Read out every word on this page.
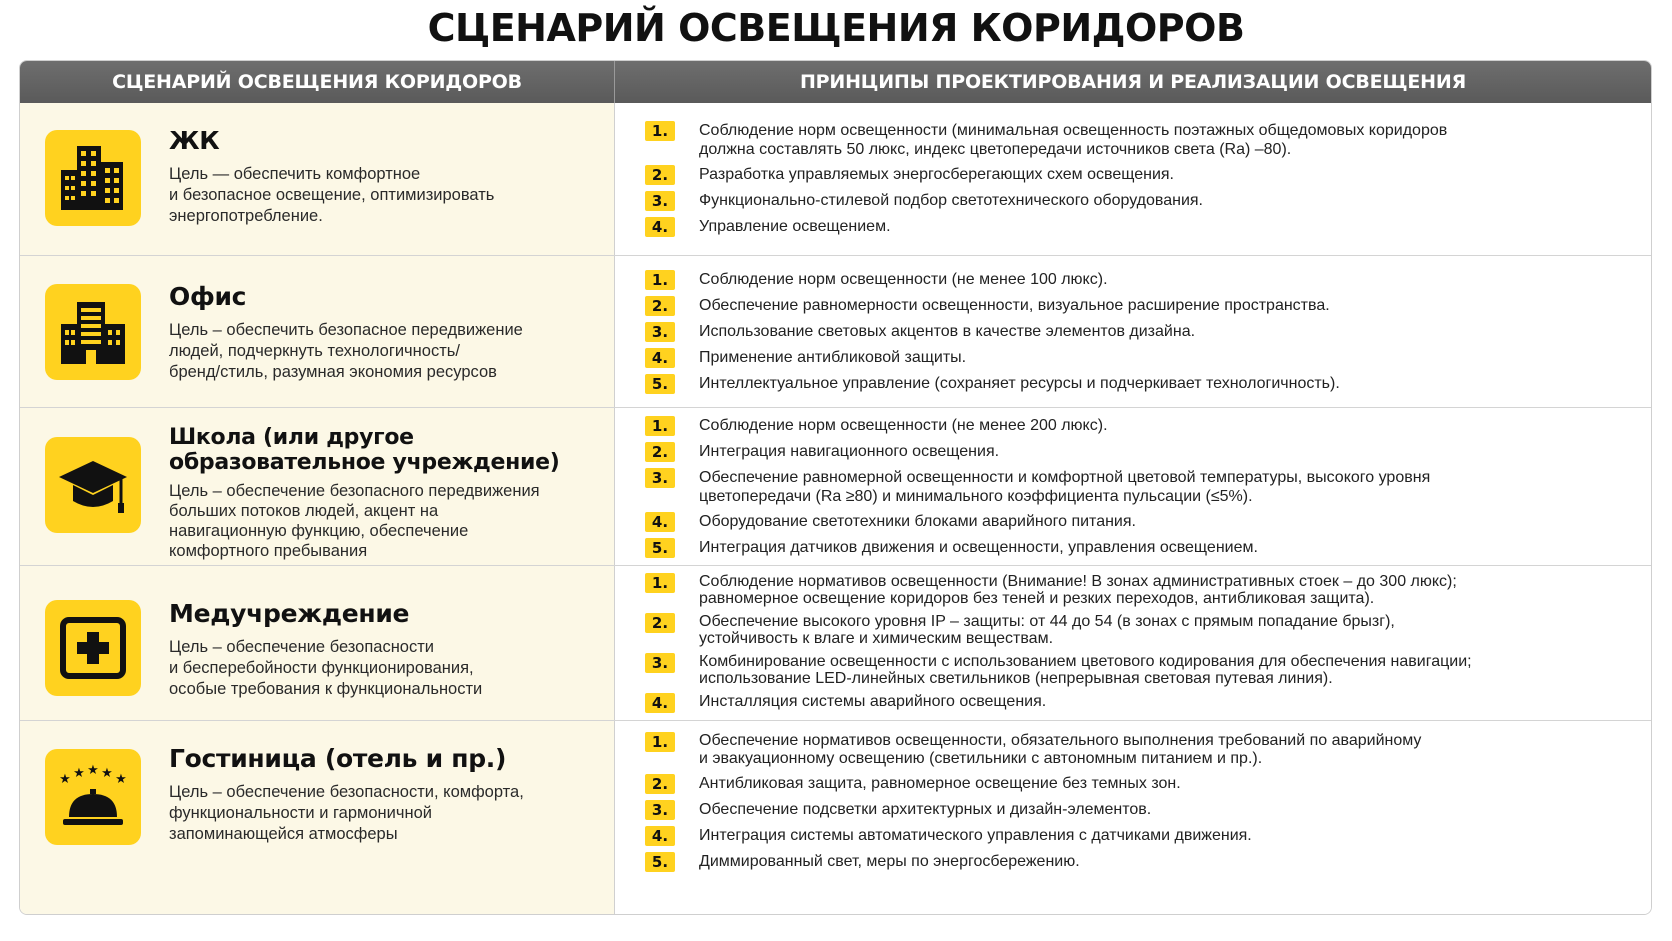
СЦЕНАРИЙ ОСВЕЩЕНИЯ КОРИДОРОВ
СЦЕНАРИЙ ОСВЕЩЕНИЯ КОРИДОРОВ	ПРИНЦИПЫ ПРОЕКТИРОВАНИЯ И РЕАЛИЗАЦИИ ОСВЕЩЕНИЯ
ЖК
Цель — обеспечить комфортное
и безопасное освещение, оптимизировать
энергопотребление.
1.	Соблюдение норм освещенности (минимальная освещенность поэтажных общедомовых коридоров
должна составлять 50 люкс, индекс цветопередачи источников света (Ra) –80).
2.	Разработка управляемых энергосберегающих схем освещения.
3.	Функционально-стилевой подбор светотехнического оборудования.
4.	Управление освещением.
Офис
Цель – обеспечить безопасное передвижение
людей, подчеркнуть технологичность/
бренд/стиль, разумная экономия ресурсов
1.	Соблюдение норм освещенности (не менее 100 люкс).
2.	Обеспечение равномерности освещенности, визуальное расширение пространства.
3.	Использование световых акцентов в качестве элементов дизайна.
4.	Применение антибликовой защиты.
5.	Интеллектуальное управление (сохраняет ресурсы и подчеркивает технологичность).
Школа (или другое
образовательное учреждение)
Цель – обеспечение безопасного передвижения
больших потоков людей, акцент на
навигационную функцию, обеспечение
комфортного пребывания
1.	Соблюдение норм освещенности (не менее 200 люкс).
2.	Интеграция навигационного освещения.
3.	Обеспечение равномерной освещенности и комфортной цветовой температуры, высокого уровня
цветопередачи (Ra ≥80) и минимального коэффициента пульсации (≤5%).
4.	Оборудование светотехники блоками аварийного питания.
5.	Интеграция датчиков движения и освещенности, управления освещением.
Медучреждение
Цель – обеспечение безопасности
и бесперебойности функционирования,
особые требования к функциональности
1.	Соблюдение нормативов освещенности (Внимание! В зонах административных стоек – до 300 люкс);
равномерное освещение коридоров без теней и резких переходов, антибликовая защита).
2.	Обеспечение высокого уровня IP – защиты: от 44 до 54 (в зонах с прямым попадание брызг),
устойчивость к влаге и химическим веществам.
3.	Комбинирование освещенности с использованием цветового кодирования для обеспечения навигации;
использование LED-линейных светильников (непрерывная световая путевая линия).
4.	Инсталляция системы аварийного освещения.
★ ★ ★ ★ ★
Гостиница (отель и пр.)
Цель – обеспечение безопасности, комфорта,
функциональности и гармоничной
запоминающейся атмосферы
1.	Обеспечение нормативов освещенности, обязательного выполнения требований по аварийному
и эвакуационному освещению (светильники с автономным питанием и пр.).
2.	Антибликовая защита, равномерное освещение без темных зон.
3.	Обеспечение подсветки архитектурных и дизайн-элементов.
4.	Интеграция системы автоматического управления с датчиками движения.
5.	Диммированный свет, меры по энергосбережению.
